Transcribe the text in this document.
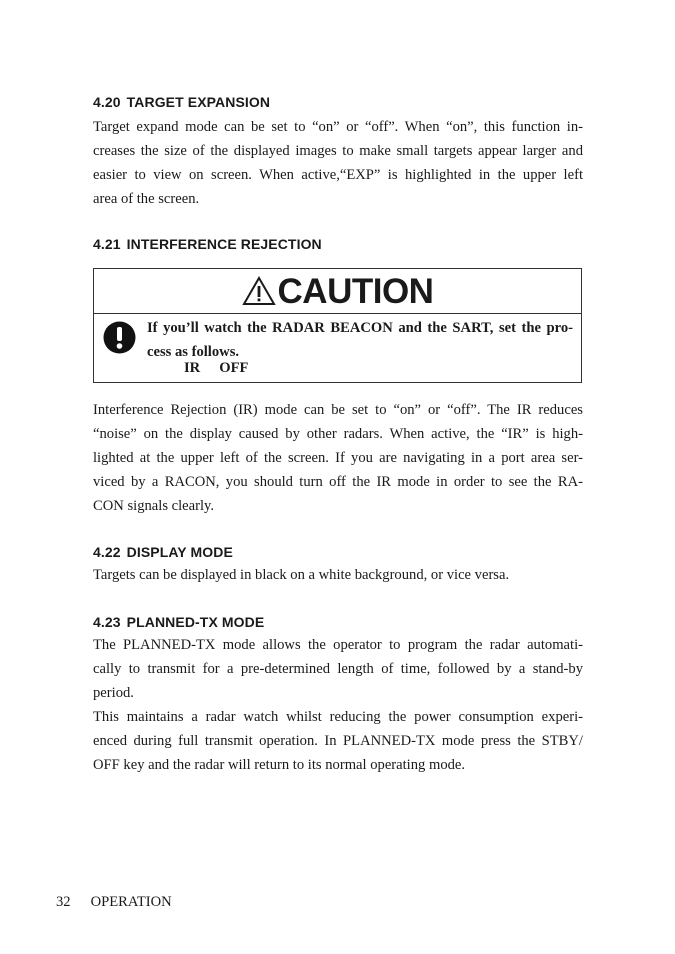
4.20 TARGET EXPANSION
Target expand mode can be set to “on” or “off”. When “on”, this function in-
creases the size of the displayed images to make small targets appear larger and
easier to view on screen. When active,“EXP” is highlighted in the upper left
area of the screen.
4.21 INTERFERENCE REJECTION
CAUTION
If you’ll watch the RADAR BEACON and the SART, set the pro-
cess as follows.
IR OFF
Interference Rejection (IR) mode can be set to “on” or “off”. The IR reduces
“noise” on the display caused by other radars. When active, the “IR” is high-
lighted at the upper left of the screen. If you are navigating in a port area ser-
viced by a RACON, you should turn off the IR mode in order to see the RA-
CON signals clearly.
4.22 DISPLAY MODE
Targets can be displayed in black on a white background, or vice versa.
4.23 PLANNED-TX MODE
The PLANNED-TX mode allows the operator to program the radar automati-
cally to transmit for a pre-determined length of time, followed by a stand-by
period.
This maintains a radar watch whilst reducing the power consumption experi-
enced during full transmit operation. In PLANNED-TX mode press the STBY/
OFF key and the radar will return to its normal operating mode.
32 OPERATION
